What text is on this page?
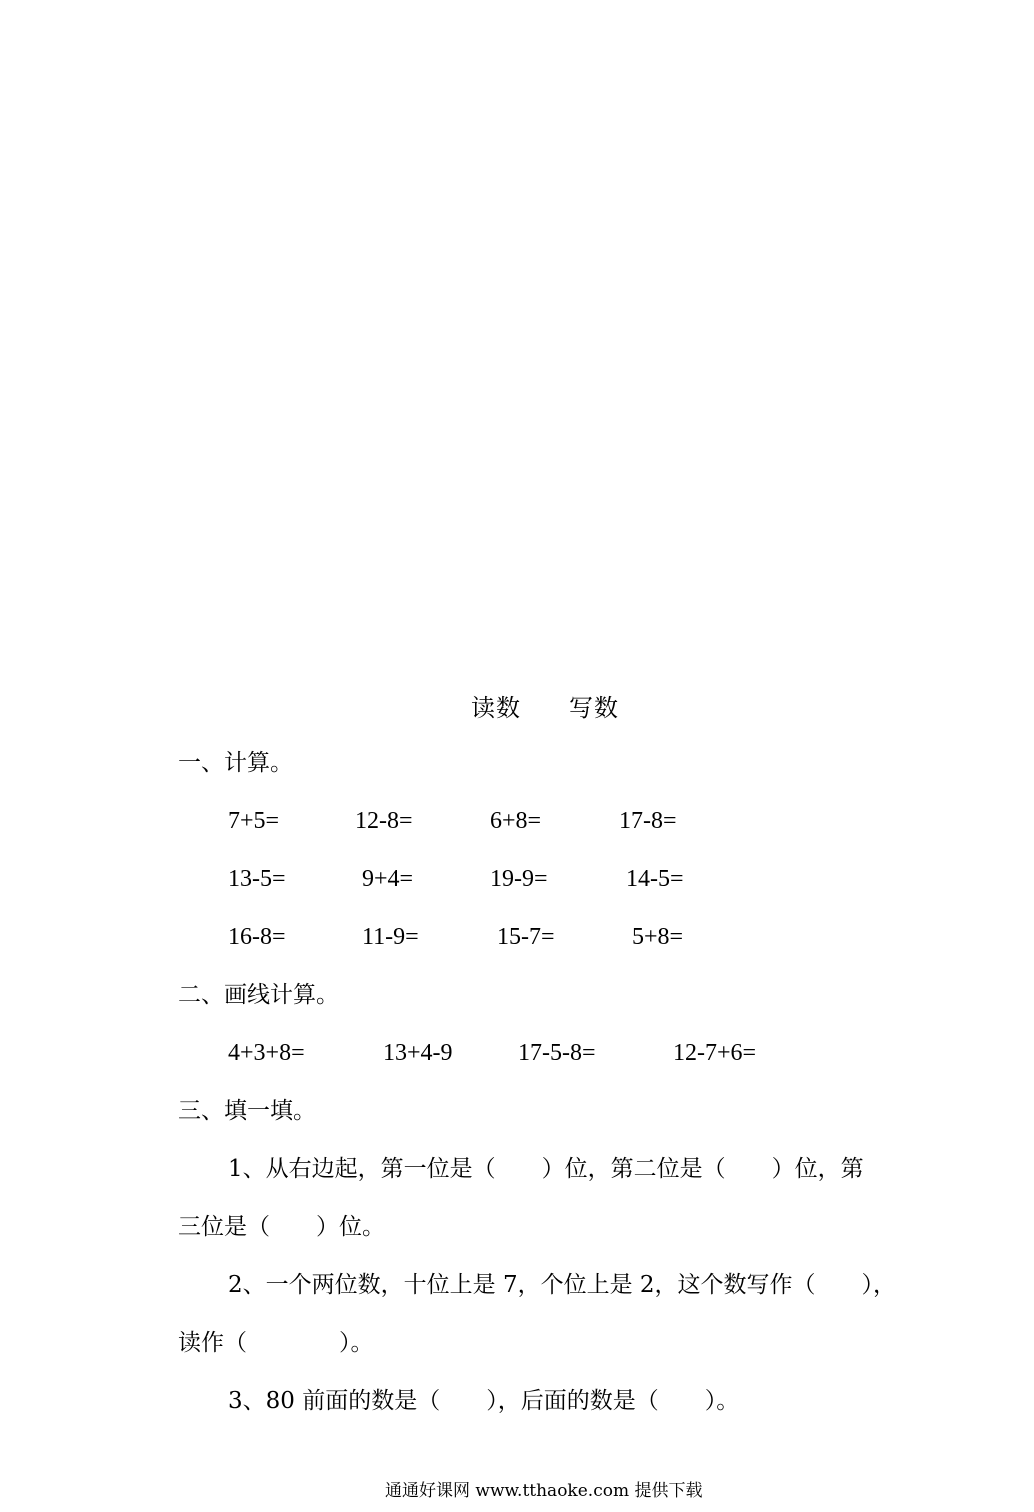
读数 写数
一、计算。
7+5=	12-8=	6+8=	17-8=
13-5=	9+4=	19-9=	14-5=
16-8=	11-9=	15-7=	5+8=
二、画线计算。
4+3+8=	13+4-9	17-5-8=	12-7+6=
三、填一填。
1、从右边起，第一位是（　　）位，第二位是（　　）位，第
三位是（　　）位。
2、一个两位数，十位上是 7，个位上是 2，这个数写作（　　），
读作（　　　　）。
3、80 前面的数是（　　），后面的数是（　　）。
通通好课网 www.tthaoke.com 提供下载
